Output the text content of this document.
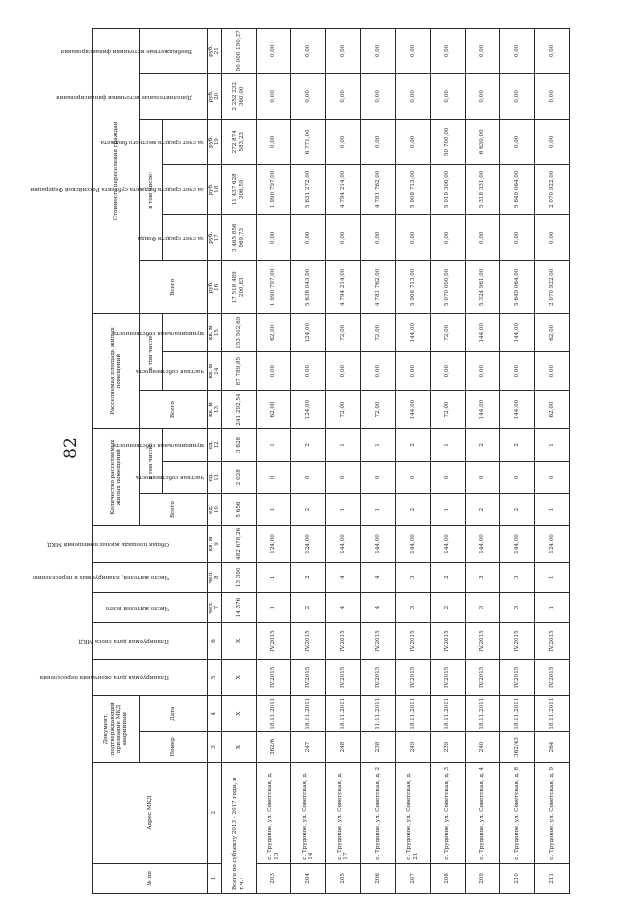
82
№ пп	Адрес МКД	Документ, подтверждающий признание МКД аварийным		Планируемая дата окончания переселения	Планируемая дата сноса МКД	Число жителей всего	Число жителей, планируемых к переселению	Общая площадь жилых помещений МКД	Количество расселяемых жилых помещений			Расселяемая площадь жилых помещений			Стоимость переселения граждан					
		Номер	Дата						Всего	в том числе:		Всего	в том числе:		Всего	в том числе:			Дополнительные источники финансирования	Внебюджетные источники финансирования
										частная собственность	муниципальная собственность		частная собственность	муниципальная собственность		за счет средств Фонда	за счет средств бюджета субъекта Российской Федерации	за счет средств местного бюджета		
1	2	3	4	5	6	чел. 7	чел. 8	кв. м 9	ед. 10	ед. 11	ед. 12	кв. м 13	кв. м 14	кв. м 15	руб. 16	руб. 17	руб. 18	руб. 19	руб. 20	руб. 21
Всего по субъекту 2013 - 2017 годы, в т.ч.:		Х	Х	Х	Х	14 376	13 390	482 678,26	5 656	2 028	3 628	241 292,54	87 789,85	153 502,69	17 518 489 200,83	3 465 856 969,73	11 437 628 306,59	272 874 583,23	2 252 232 360,00	90 000 190,37
203	с. Трудовое, ул. Советская, д. 13	362/6	18.11.2011	IV.2015	IV.2015	1	1	124,00	1	0	1	62,00	0,00	62,00	1 990 797,00	0,00	1 990 797,00	0,00	0,00	0,00
204	с. Трудовое, ул. Советская, д. 14	247	18.11.2011	IV.2015	IV.2015	2	2	124,00	2	0	2	124,00	0,00	124,00	5 638 043,00	0,00	5 631 272,00	6 771,00	0,00	0,00
205	с. Трудовое, ул. Советская, д. 17	248	18.11.2011	IV.2015	IV.2015	4	4	144,00	1	0	1	72,00	0,00	72,00	4 794 214,00	0,00	4 794 214,00	0,00	0,00	0,00
206	с. Трудовое, ул. Советская, д. 2	238	11.11.2011	IV.2015	IV.2015	4	4	144,00	1	0	1	72,00	0,00	72,00	4 781 762,00	0,00	4 781 762,00	0,00	0,00	0,00
207	с. Трудовое, ул. Советская, д. 21	249	18.11.2011	IV.2015	IV.2015	3	3	144,00	2	0	2	144,00	0,00	144,00	5 908 713,00	0,00	5 908 713,00	0,00	0,00	0,00
208	с. Трудовое, ул. Советская, д. 3	239	18.11.2011	IV.2015	IV.2015	2	2	144,00	1	0	1	72,00	0,00	72,00	5 070 000,00	0,00	5 019 300,00	50 700,00	0,00	0,00
209	с. Трудовое, ул. Советская, д. 4	240	18.11.2011	IV.2015	IV.2015	3	3	144,00	2	0	2	144,00	0,00	144,00	5 324 961,00	0,00	5 318 331,00	6 630,00	0,00	0,00
210	с. Трудовое, ул. Советская, д. 8	362/43	18.11.2011	IV.2015	IV.2015	3	3	144,00	2	0	2	144,00	0,00	144,00	5 649 064,00	0,00	5 649 064,00	0,00	0,00	0,00
211	с. Трудовое, ул. Советская, д. 9	264	18.11.2011	IV.2015	IV.2015	1	1	124,00	1	0	1	62,00	0,00	62,00	2 070 922,00	0,00	2 070 922,00	0,00	0,00	0,00
